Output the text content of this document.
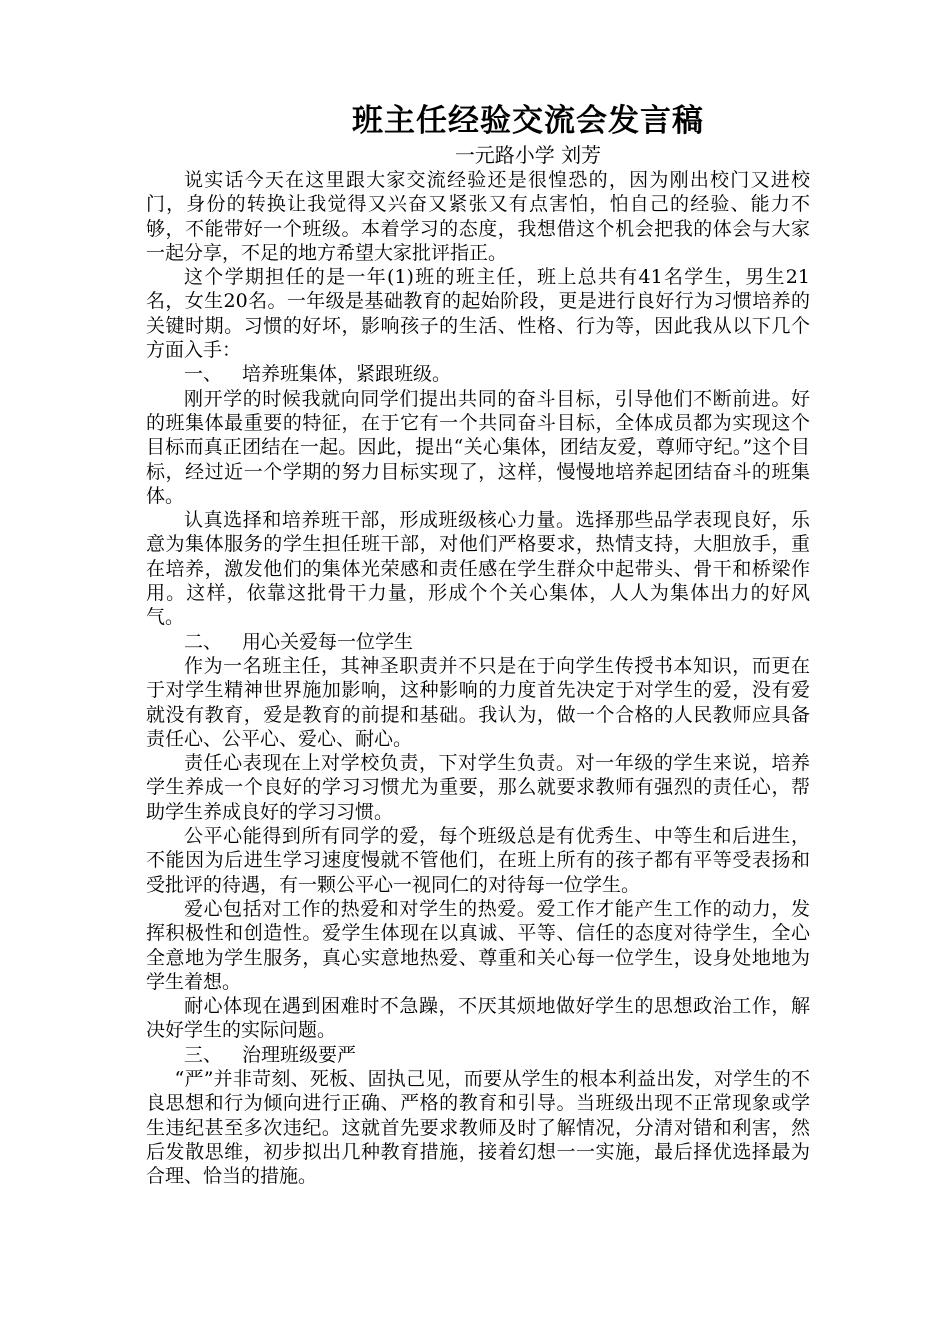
班主任经验交流会发言稿
一元路小学 刘芳

说实话今天在这里跟大家交流经验还是很惶恐的，因为刚出校门又进校门，身份的转换让我觉得又兴奋又紧张又有点害怕，怕自己的经验、能力不够，不能带好一个班级。本着学习的态度，我想借这个机会把我的体会与大家一起分享，不足的地方希望大家批评指正。

这个学期担任的是一年(1)班的班主任，班上总共有41名学生，男生21名，女生20名。一年级是基础教育的起始阶段，更是进行良好行为习惯培养的关键时期。习惯的好坏，影响孩子的生活、性格、行为等，因此我从以下几个方面入手：

一、 培养班集体，紧跟班级。

刚开学的时候我就向同学们提出共同的奋斗目标，引导他们不断前进。好的班集体最重要的特征，在于它有一个共同奋斗目标，全体成员都为实现这个目标而真正团结在一起。因此，提出“关心集体，团结友爱，尊师守纪。”这个目标，经过近一个学期的努力目标实现了，这样，慢慢地培养起团结奋斗的班集体。

认真选择和培养班干部，形成班级核心力量。选择那些品学表现良好，乐意为集体服务的学生担任班干部，对他们严格要求，热情支持，大胆放手，重在培养，激发他们的集体光荣感和责任感在学生群众中起带头、骨干和桥梁作用。这样，依靠这批骨干力量，形成个个关心集体，人人为集体出力的好风气。

二、 用心关爱每一位学生

作为一名班主任，其神圣职责并不只是在于向学生传授书本知识，而更在于对学生精神世界施加影响，这种影响的力度首先决定于对学生的爱，没有爱就没有教育，爱是教育的前提和基础。我认为，做一个合格的人民教师应具备责任心、公平心、爱心、耐心。

责任心表现在上对学校负责，下对学生负责。对一年级的学生来说，培养学生养成一个良好的学习习惯尤为重要，那么就要求教师有强烈的责任心，帮助学生养成良好的学习习惯。

公平心能得到所有同学的爱，每个班级总是有优秀生、中等生和后进生，不能因为后进生学习速度慢就不管他们，在班上所有的孩子都有平等受表扬和受批评的待遇，有一颗公平心一视同仁的对待每一位学生。

爱心包括对工作的热爱和对学生的热爱。爱工作才能产生工作的动力，发挥积极性和创造性。爱学生体现在以真诚、平等、信任的态度对待学生，全心全意地为学生服务，真心实意地热爱、尊重和关心每一位学生，设身处地地为学生着想。

耐心体现在遇到困难时不急躁，不厌其烦地做好学生的思想政治工作，解决好学生的实际问题。

三、 治理班级要严

“严”并非苛刻、死板、固执己见，而要从学生的根本利益出发，对学生的不良思想和行为倾向进行正确、严格的教育和引导。当班级出现不正常现象或学生违纪甚至多次违纪。这就首先要求教师及时了解情况，分清对错和利害，然后发散思维，初步拟出几种教育措施，接着幻想一一实施，最后择优选择最为合理、恰当的措施。
